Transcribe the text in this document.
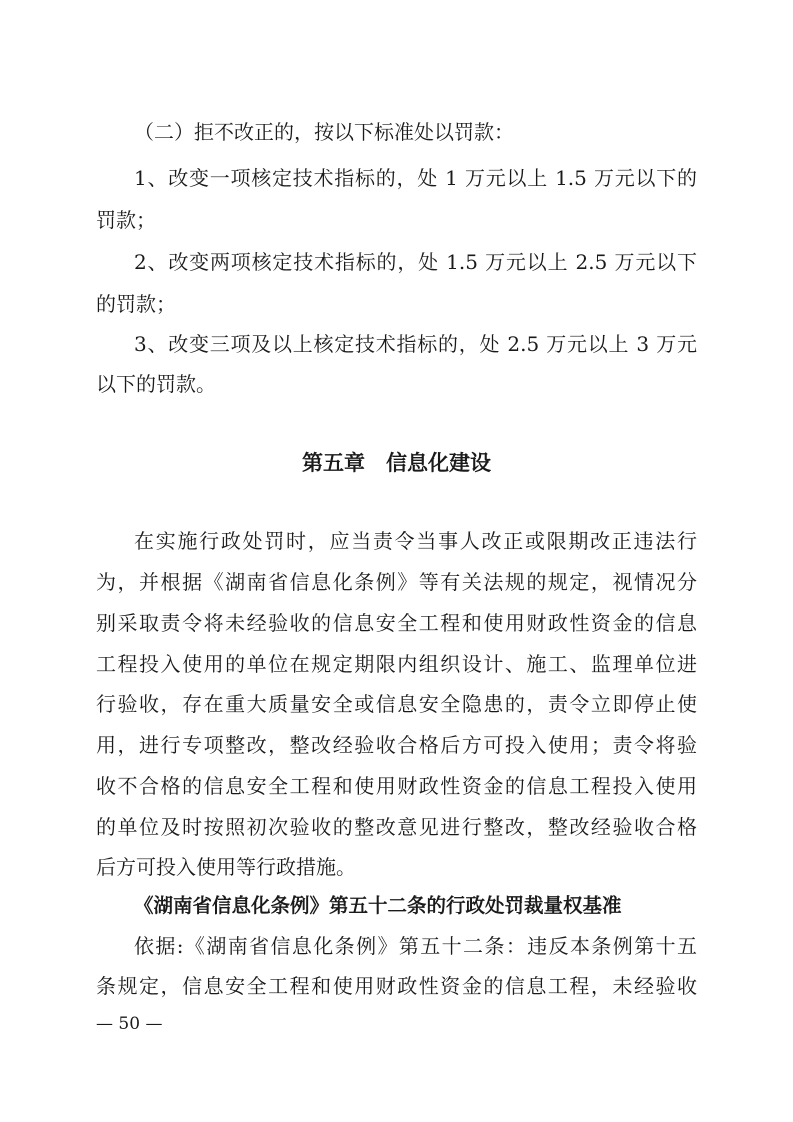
（二）拒不改正的，按以下标准处以罚款：

1、改变一项核定技术指标的，处 1 万元以上 1.5 万元以下的

罚款；

2、改变两项核定技术指标的，处 1.5 万元以上 2.5 万元以下

的罚款；

3、改变三项及以上核定技术指标的，处 2.5 万元以上 3 万元

以下的罚款。

第五章　信息化建设

在实施行政处罚时，应当责令当事人改正或限期改正违法行

为，并根据《湖南省信息化条例》等有关法规的规定，视情况分

别采取责令将未经验收的信息安全工程和使用财政性资金的信息

工程投入使用的单位在规定期限内组织设计、施工、监理单位进

行验收，存在重大质量安全或信息安全隐患的，责令立即停止使

用，进行专项整改，整改经验收合格后方可投入使用；责令将验

收不合格的信息安全工程和使用财政性资金的信息工程投入使用

的单位及时按照初次验收的整改意见进行整改，整改经验收合格

后方可投入使用等行政措施。

《湖南省信息化条例》第五十二条的行政处罚裁量权基准

依据:《湖南省信息化条例》第五十二条：违反本条例第十五

条规定，信息安全工程和使用财政性资金的信息工程，未经验收

— 50 —
